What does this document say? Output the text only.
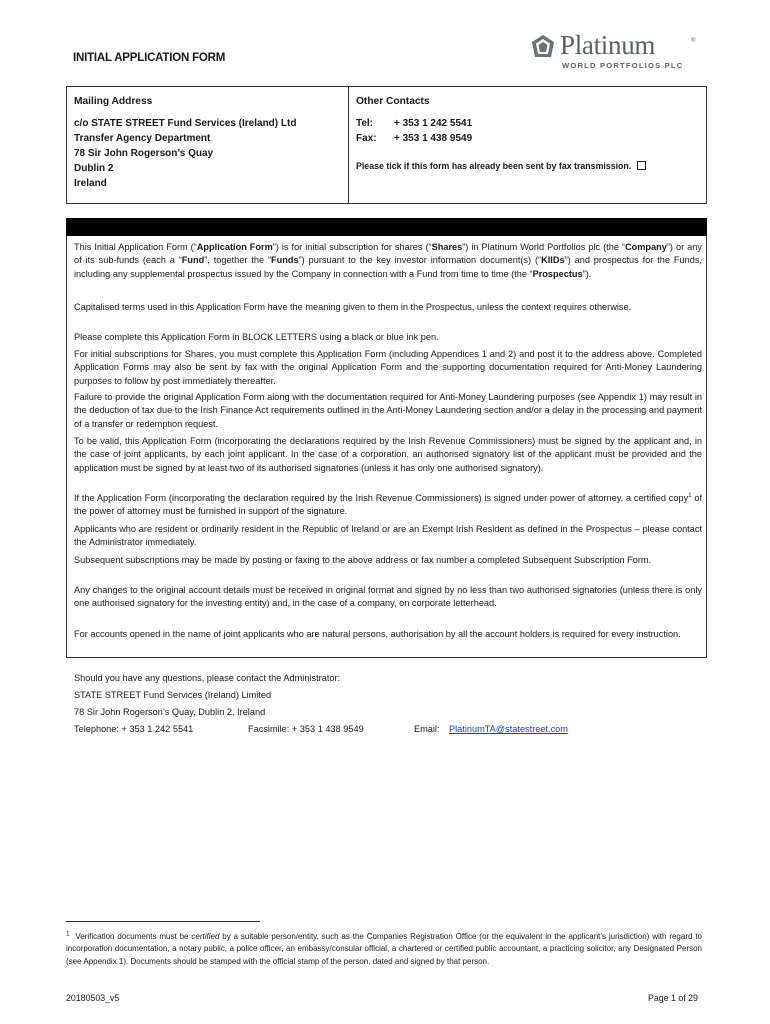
INITIAL APPLICATION FORM	Platinum	®
WORLD PORTFOLIOS PLC
Mailing Address
c/o STATE STREET Fund Services (Ireland) Ltd
Transfer Agency Department
78 Sir John Rogerson’s Quay
Dublin 2
Ireland
Other Contacts
Tel: + 353 1 242 5541
Fax: + 353 1 438 9549
Please tick if this form has already been sent by fax transmission.
This Initial Application Form (“Application Form”) is for initial subscription for shares (“Shares”) in Platinum World Portfolios plc (the “Company”) or any of its sub-funds (each a “Fund”, together the “Funds”) pursuant to the key investor information document(s) (“KIIDs”) and prospectus for the Funds, including any supplemental prospectus issued by the Company in connection with a Fund from time to time (the “Prospectus”).
Capitalised terms used in this Application Form have the meaning given to them in the Prospectus, unless the context requires otherwise.
Please complete this Application Form in BLOCK LETTERS using a black or blue ink pen.
For initial subscriptions for Shares, you must complete this Application Form (including Appendices 1 and 2) and post it to the address above. Completed Application Forms may also be sent by fax with the original Application Form and the supporting documentation required for Anti-Money Laundering purposes to follow by post immediately thereafter.
Failure to provide the original Application Form along with the documentation required for Anti-Money Laundering purposes (see Appendix 1) may result in the deduction of tax due to the Irish Finance Act requirements outlined in the Anti-Money Laundering section and/or a delay in the processing and payment of a transfer or redemption request.
To be valid, this Application Form (incorporating the declarations required by the Irish Revenue Commissioners) must be signed by the applicant and, in the case of joint applicants, by each joint applicant. In the case of a corporation, an authorised signatory list of the applicant must be provided and the application must be signed by at least two of its authorised signatories (unless it has only one authorised signatory).
If the Application Form (incorporating the declaration required by the Irish Revenue Commissioners) is signed under power of attorney, a certified copy$^1$ of the power of attorney must be furnished in support of the signature.
Applicants who are resident or ordinarily resident in the Republic of Ireland or are an Exempt Irish Resident as defined in the Prospectus – please contact the Administrator immediately.
Subsequent subscriptions may be made by posting or faxing to the above address or fax number a completed Subsequent Subscription Form.
Any changes to the original account details must be received in original format and signed by no less than two authorised signatories (unless there is only one authorised signatory for the investing entity) and, in the case of a company, on corporate letterhead.
For accounts opened in the name of joint applicants who are natural persons, authorisation by all the account holders is required for every instruction.
Should you have any questions, please contact the Administrator:
STATE STREET Fund Services (Ireland) Limited
78 Sir John Rogerson’s Quay, Dublin 2, Ireland
Telephone: + 353 1 242 5541	Facsimile: + 353 1 438 9549	Email: PlatinumTA@statestreet.com
$^1$ Verification documents must be certified by a suitable person/entity, such as the Companies Registration Office (or the equivalent in the applicant’s jurisdiction) with regard to incorporation documentation, a notary public, a police officer, an embassy/consular official, a chartered or certified public accountant, a practicing solicitor, any Designated Person (see Appendix 1). Documents should be stamped with the official stamp of the person, dated and signed by that person.
20180503_v5	Page 1 of 29
